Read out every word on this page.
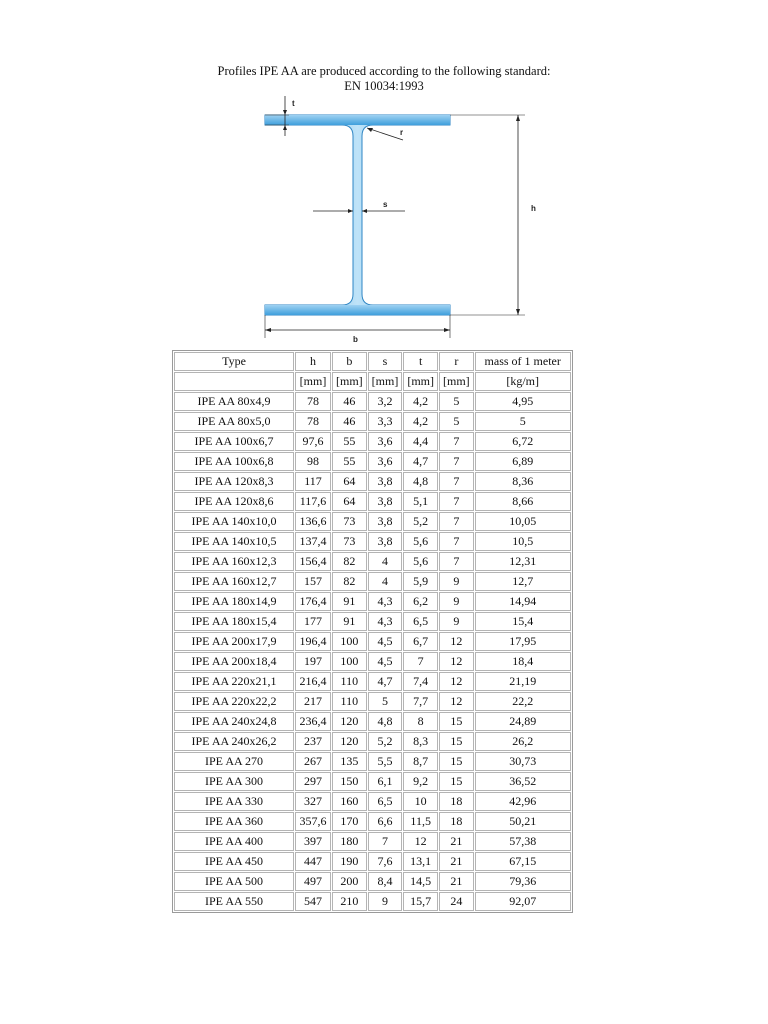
Profiles IPE AA are produced according to the following standard:
EN 10034:1993
t
r
s	h
b
Type	h	b	s	t	r	mass of 1 meter
	[mm]	[mm]	[mm]	[mm]	[mm]	[kg/m]
IPE AA 80x4,9	78	46	3,2	4,2	5	4,95
IPE AA 80x5,0	78	46	3,3	4,2	5	5
IPE AA 100x6,7	97,6	55	3,6	4,4	7	6,72
IPE AA 100x6,8	98	55	3,6	4,7	7	6,89
IPE AA 120x8,3	117	64	3,8	4,8	7	8,36
IPE AA 120x8,6	117,6	64	3,8	5,1	7	8,66
IPE AA 140x10,0	136,6	73	3,8	5,2	7	10,05
IPE AA 140x10,5	137,4	73	3,8	5,6	7	10,5
IPE AA 160x12,3	156,4	82	4	5,6	7	12,31
IPE AA 160x12,7	157	82	4	5,9	9	12,7
IPE AA 180x14,9	176,4	91	4,3	6,2	9	14,94
IPE AA 180x15,4	177	91	4,3	6,5	9	15,4
IPE AA 200x17,9	196,4	100	4,5	6,7	12	17,95
IPE AA 200x18,4	197	100	4,5	7	12	18,4
IPE AA 220x21,1	216,4	110	4,7	7,4	12	21,19
IPE AA 220x22,2	217	110	5	7,7	12	22,2
IPE AA 240x24,8	236,4	120	4,8	8	15	24,89
IPE AA 240x26,2	237	120	5,2	8,3	15	26,2
IPE AA 270	267	135	5,5	8,7	15	30,73
IPE AA 300	297	150	6,1	9,2	15	36,52
IPE AA 330	327	160	6,5	10	18	42,96
IPE AA 360	357,6	170	6,6	11,5	18	50,21
IPE AA 400	397	180	7	12	21	57,38
IPE AA 450	447	190	7,6	13,1	21	67,15
IPE AA 500	497	200	8,4	14,5	21	79,36
IPE AA 550	547	210	9	15,7	24	92,07
